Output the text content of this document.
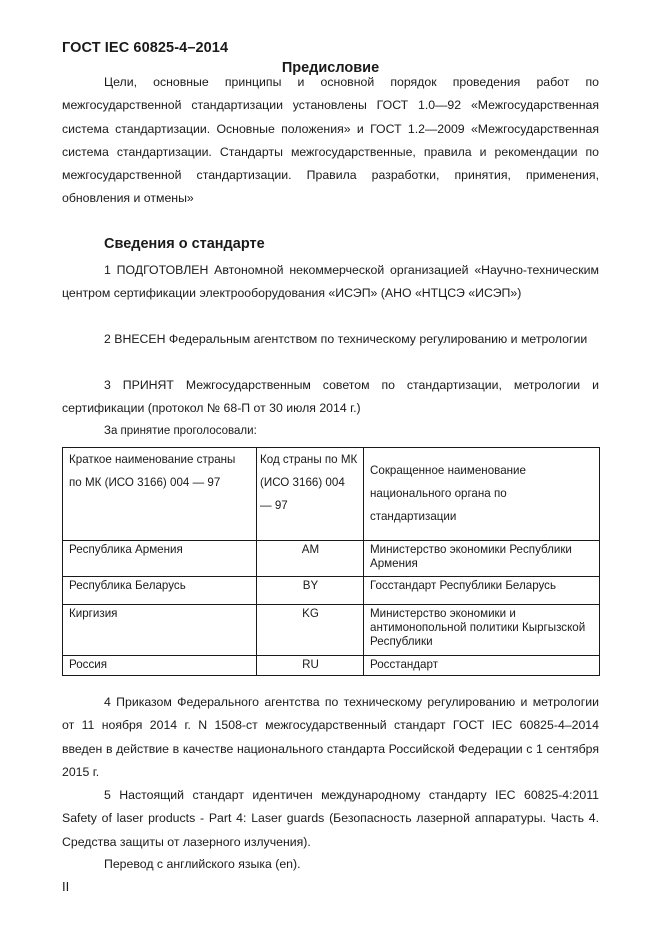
ГОСТ IEC 60825-4–2014
Предисловие
Цели, основные принципы и основной порядок проведения работ по межгосударственной стандартизации установлены ГОСТ 1.0—92 «Межгосударственная система стандартизации. Основные положения» и ГОСТ 1.2—2009 «Межгосударственная система стандартизации. Стандарты межгосударственные, правила и рекомендации по межгосударственной стандартизации. Правила разработки, принятия, применения, обновления и отмены»
Сведения о стандарте
1 ПОДГОТОВЛЕН Автономной некоммерческой организацией «Научно-техническим центром сертификации электрооборудования «ИСЭП» (АНО «НТЦСЭ «ИСЭП»)
2 ВНЕСЕН Федеральным агентством по техническому регулированию и метрологии
3 ПРИНЯТ Межгосударственным советом по стандартизации, метрологии и сертификации (протокол № 68-П от 30 июля 2014 г.)
За принятие проголосовали:
Краткое наименование страны по МК (ИСО 3166) 004 — 97	Код страны по МК (ИСО 3166) 004 — 97	Сокращенное наименование национального органа по стандартизации
Республика Армения	AM	Министерство экономики Республики Армения
Республика Беларусь	BY	Госстандарт Республики Беларусь
Киргизия	KG	Министерство экономики и антимонопольной политики Кыргызской Республики
Россия	RU	Росстандарт
4 Приказом Федерального агентства по техническому регулированию и метрологии от 11 ноября 2014 г. N 1508-ст межгосударственный стандарт ГОСТ IEC 60825-4–2014 введен в действие в качестве национального стандарта Российской Федерации с 1 сентября 2015 г.
5 Настоящий стандарт идентичен международному стандарту IEC 60825-4:2011 Safety of laser products - Part 4: Laser guards (Безопасность лазерной аппаратуры. Часть 4. Средства защиты от лазерного излучения).
Перевод с английского языка (en).
II
